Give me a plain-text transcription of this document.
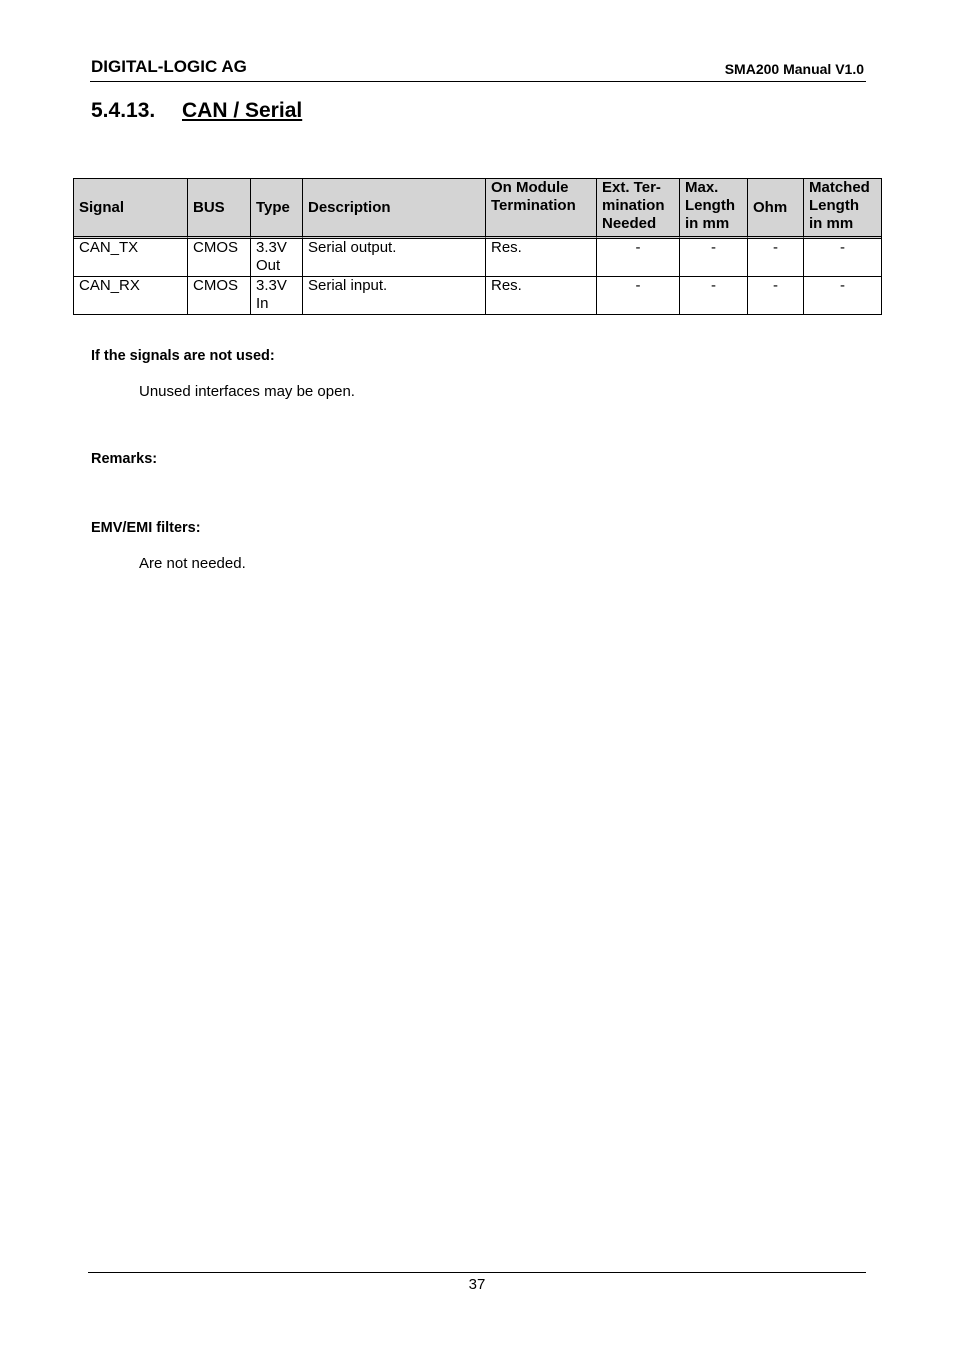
DIGITAL-LOGIC AG	SMA200 Manual V1.0
5.4.13. CAN / Serial
Signal	BUS	Type	Description	On Module Termination	Ext. Ter-mination Needed	Max. Length in mm	Ohm	Matched Length in mm
CAN_TX	CMOS	3.3V Out	Serial output.	Res.	-	-	-	-
CAN_RX	CMOS	3.3V In	Serial input.	Res.	-	-	-	-
If the signals are not used:
Unused interfaces may be open.
Remarks:
EMV/EMI filters:
Are not needed.
37
